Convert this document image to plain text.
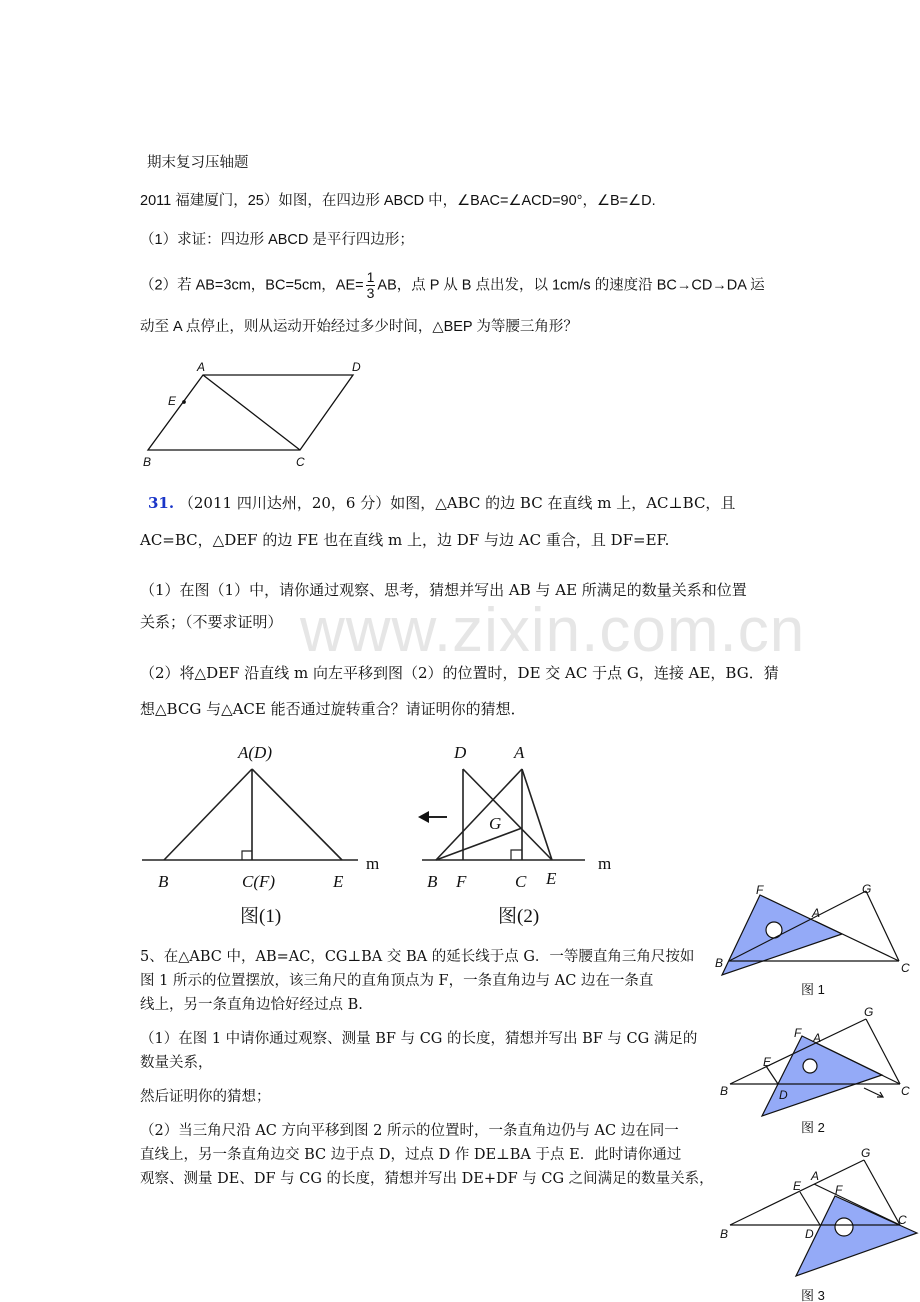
www.zixin.com.cn
期末复习压轴题
2011 福建厦门，25）如图，在四边形 ABCD 中，∠BAC=∠ACD=90°，∠B=∠D.
（1）求证：四边形 ABCD 是平行四边形；
（2）若 AB=3cm，BC=5cm，$AE= \frac{1}{3}$ AB，点 P 从 B 点出发，以 1cm/s 的速度沿 BC→CD→DA 运
动至 A 点停止，则从运动开始经过多少时间，△BEP 为等腰三角形？
31. （2011 四川达州，20，6 分）如图，△ABC 的边 BC 在直线 m 上，AC⊥BC，且
AC=BC，△DEF 的边 FE 也在直线 m 上，边 DF 与边 AC 重合，且 DF=EF.
（1）在图（1）中，请你通过观察、思考，猜想并写出 AB 与 AE 所满足的数量关系和位置
关系；（不要求证明）
（2）将△DEF 沿直线 m 向左平移到图（2）的位置时，DE 交 AC 于点 G，连接 AE，BG．猜
想△BCG 与△ACE 能否通过旋转重合？请证明你的猜想．
5、在△ABC 中，AB=AC，CG⊥BA 交 BA 的延长线于点 G．一等腰直角三角尺按如
图 1 所示的位置摆放，该三角尺的直角顶点为 F，一条直角边与 AC 边在一条直
线上，另一条直角边恰好经过点 B.
（1）在图 1 中请你通过观察、测量 BF 与 CG 的长度，猜想并写出 BF 与 CG 满足的
数量关系，
然后证明你的猜想；
（2）当三角尺沿 AC 方向平移到图 2 所示的位置时，一条直角边仍与 AC 边在同一
直线上，另一条直角边交 BC 边于点 D，过点 D 作 DE⊥BA 于点 E．此时请你通过
观察、测量 DE、DF 与 CG 的长度，猜想并写出 DE+DF 与 CG 之间满足的数量关系，
A	D
E
B	C
A(D)
B	C(F)	E
m
图(1)
D	A
G
B F	C E
m
图(2)
F
A
G
B	C
图 1
G
F A
E
B	D	C
图 2
G
A
E	F
B	D
C
图 3
